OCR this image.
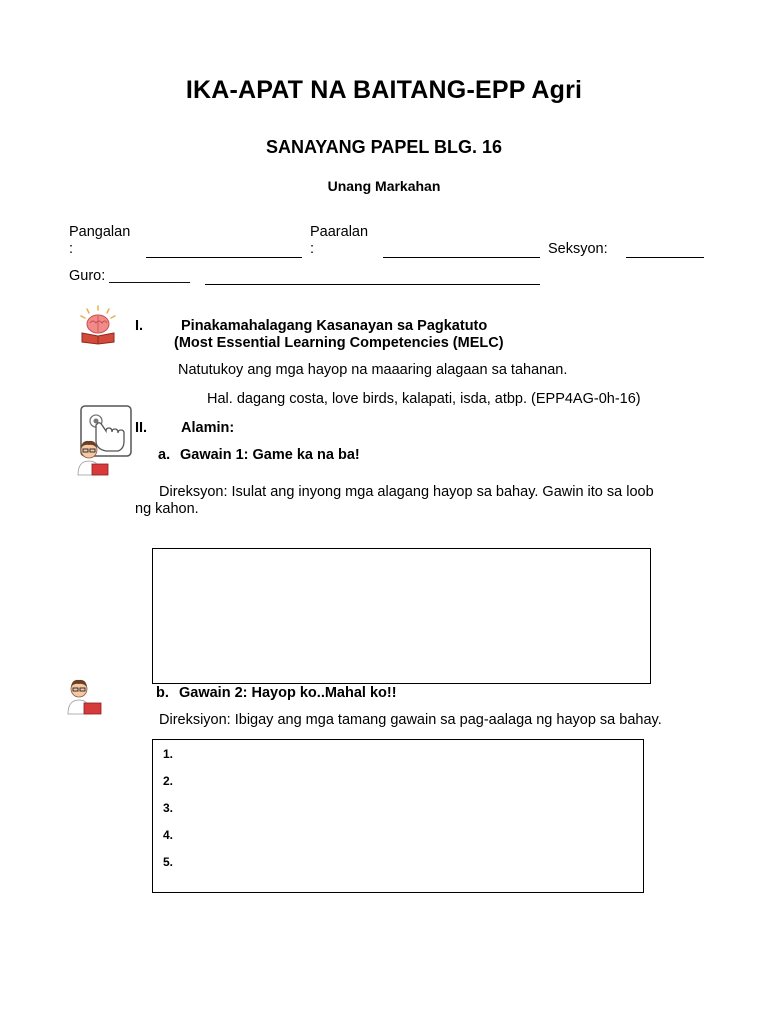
IKA-APAT NA BAITANG-EPP Agri
SANAYANG PAPEL BLG. 16
Unang Markahan
Pangalan
:
Paaralan
:	Seksyon:
Guro: __________
I.	Pinakamahalagang Kasanayan sa Pagkatuto
(Most Essential Learning Competencies (MELC)
Natutukoy ang mga hayop na maaaring alagaan sa tahanan.
Hal. dagang costa, love birds, kalapati, isda, atbp. (EPP4AG-0h-16)
II. Alamin:
a. Gawain 1: Game ka na ba!
Direksyon: Isulat ang inyong mga alagang hayop sa bahay. Gawin ito sa loob
ng kahon.
b. Gawain 2: Hayop ko..Mahal ko!!
Direksiyon: Ibigay ang mga tamang gawain sa pag-aalaga ng hayop sa bahay.
1.
2.
3.
4.
5.
